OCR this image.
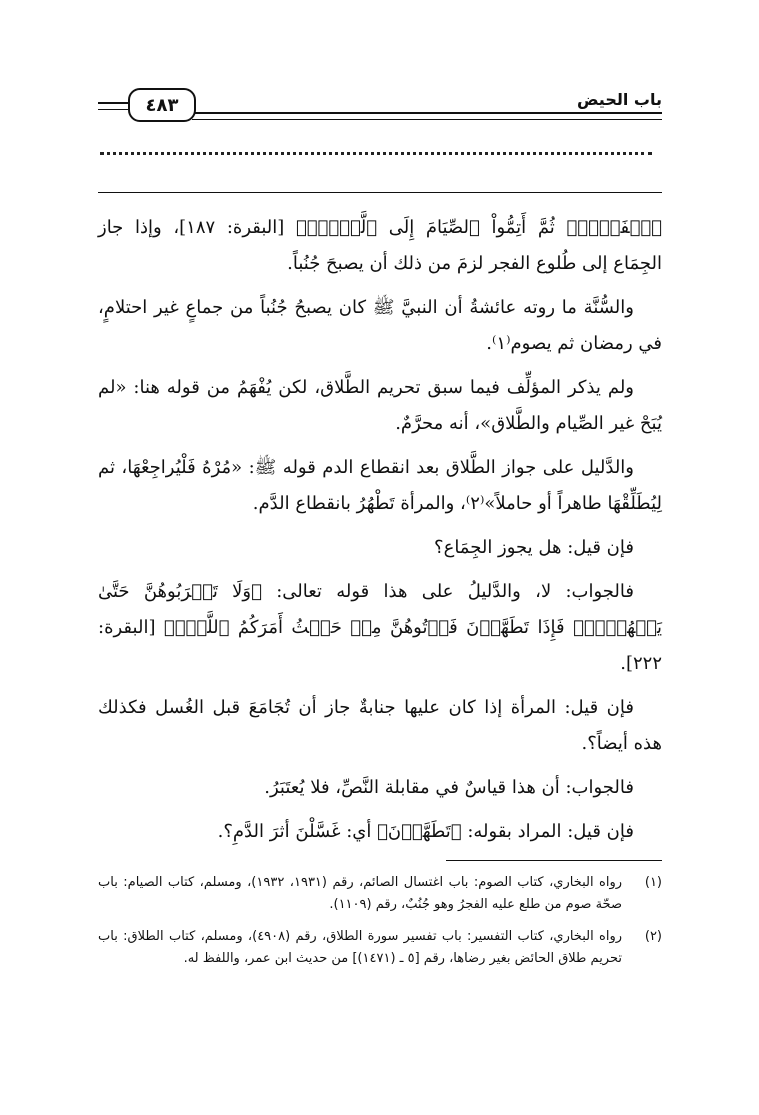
باب الحيض
٤٨٣

ﭐلۡفَجۡرِۖ ثُمَّ أَتِمُّواْ ٱلصِّيَامَ إِلَى ٱلَّيۡلِۚ﴾ [البقرة: ١٨٧]، وإذا جاز الجِمَاع إلى طُلوع الفجر لزمَ من ذلك أن يصبحَ جُنُباً.

والسُّنَّة ما روته عائشةُ أن النبيَّ ﷺ كان يصبحُ جُنُباً من جماعٍ غير احتلامٍ، في رمضان ثم يصوم⁽١⁾.

ولم يذكر المؤلِّف فيما سبق تحريم الطَّلاق، لكن يُفْهَمُ من قوله هنا: «لم يُبَحْ غير الصِّيام والطَّلاق»، أنه محرَّمٌ.

والدَّليل على جواز الطَّلاق بعد انقطاع الدم قوله ﷺ: «مُرْهُ فَلْيُراجِعْهَا، ثم لِيُطَلِّقْهَا طاهراً أو حاملاً»⁽٢⁾، والمرأة تَطْهُرُ بانقطاع الدَّم.

فإن قيل: هل يجوز الجِمَاع؟

فالجواب: لا، والدَّليلُ على هذا قوله تعالى: ﴿وَلَا تَقۡرَبُوهُنَّ حَتَّىٰ يَطۡهُرۡنَۖ فَإِذَا تَطَهَّرۡنَ فَأۡتُوهُنَّ مِنۡ حَيۡثُ أَمَرَكُمُ ٱللَّهُۚ﴾ [البقرة: ٢٢٢].

فإن قيل: المرأة إذا كان عليها جنابةٌ جاز أن تُجَامَعَ قبل الغُسل فكذلك هذه أيضاً؟.

فالجواب: أن هذا قياسٌ في مقابلة النَّصِّ، فلا يُعتَبَرُ.

فإن قيل: المراد بقوله: ﴿تَطَهَّرۡنَ﴾ أي: غَسَّلْنَ أثرَ الدَّمِ؟.

(١)
رواه البخاري، كتاب الصوم: باب اغتسال الصائم، رقم (١٩٣١، ١٩٣٢)، ومسلم، كتاب الصيام: باب صحّة صوم من طلع عليه الفجرُ وهو جُنُبٌ، رقم (١١٠٩).
(٢)
رواه البخاري، كتاب التفسير: باب تفسير سورة الطلاق، رقم (٤٩٠٨)، ومسلم، كتاب الطلاق: باب تحريم طلاق الحائض بغير رضاها، رقم [٥ ـ (١٤٧١)] من حديث ابن عمر، واللفظ له.
